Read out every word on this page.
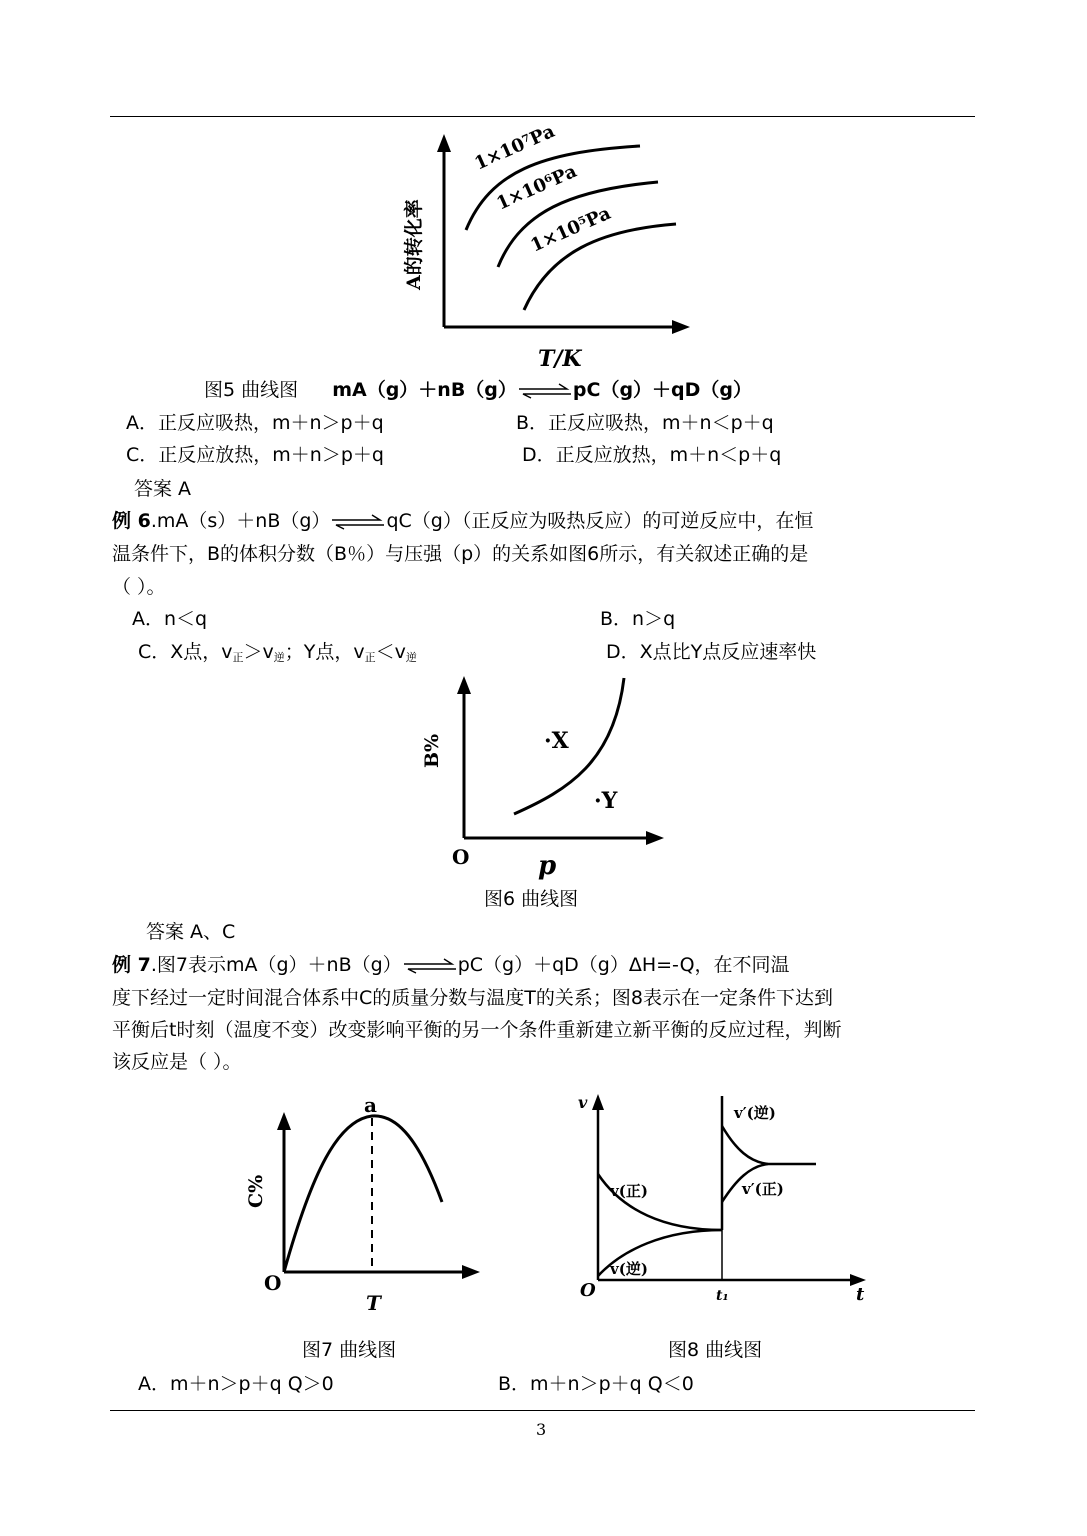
1×10⁷Pa
1×10⁶Pa
1×10⁵Pa
A的转化率
T/K
图5 曲线图 mA（g）＋nB（g）⇌pC（g）＋qD（g）
A．正反应吸热，m＋n＞p＋q	B．正反应吸热，m＋n＜p＋q
C．正反应放热，m＋n＞p＋q	D．正反应放热，m＋n＜p＋q
答案 A
例 6.mA（s）＋nB（g）⇌qC（g）（正反应为吸热反应）的可逆反应中，在恒
温条件下，B的体积分数（B％）与压强（p）的关系如图6所示，有关叙述正确的是
（ ）。
A．n＜q	B．n＞q
C．X点，$v_正>v_逆$；Y点，$v_正<v_逆$	D．X点比Y点反应速率快
·X
·Y
B%
O	p
图6 曲线图
答案 A、C
例 7.图7表示mA（g）＋nB（g）⇌pC（g）＋qD（g）ΔH=-Q，在不同温
度下经过一定时间混合体系中C的质量分数与温度T的关系；图8表示在一定条件下达到
平衡后t时刻（温度不变）改变影响平衡的另一个条件重新建立新平衡的反应过程，判断
该反应是（ ）。
a
C%
O
T
图7 曲线图
v
O	t
t₁
v(正)
v(逆)
v′(逆)
v′(正)
图8 曲线图
A．m＋n＞p＋q Q＞0	B．m＋n＞p＋q Q＜0
3
